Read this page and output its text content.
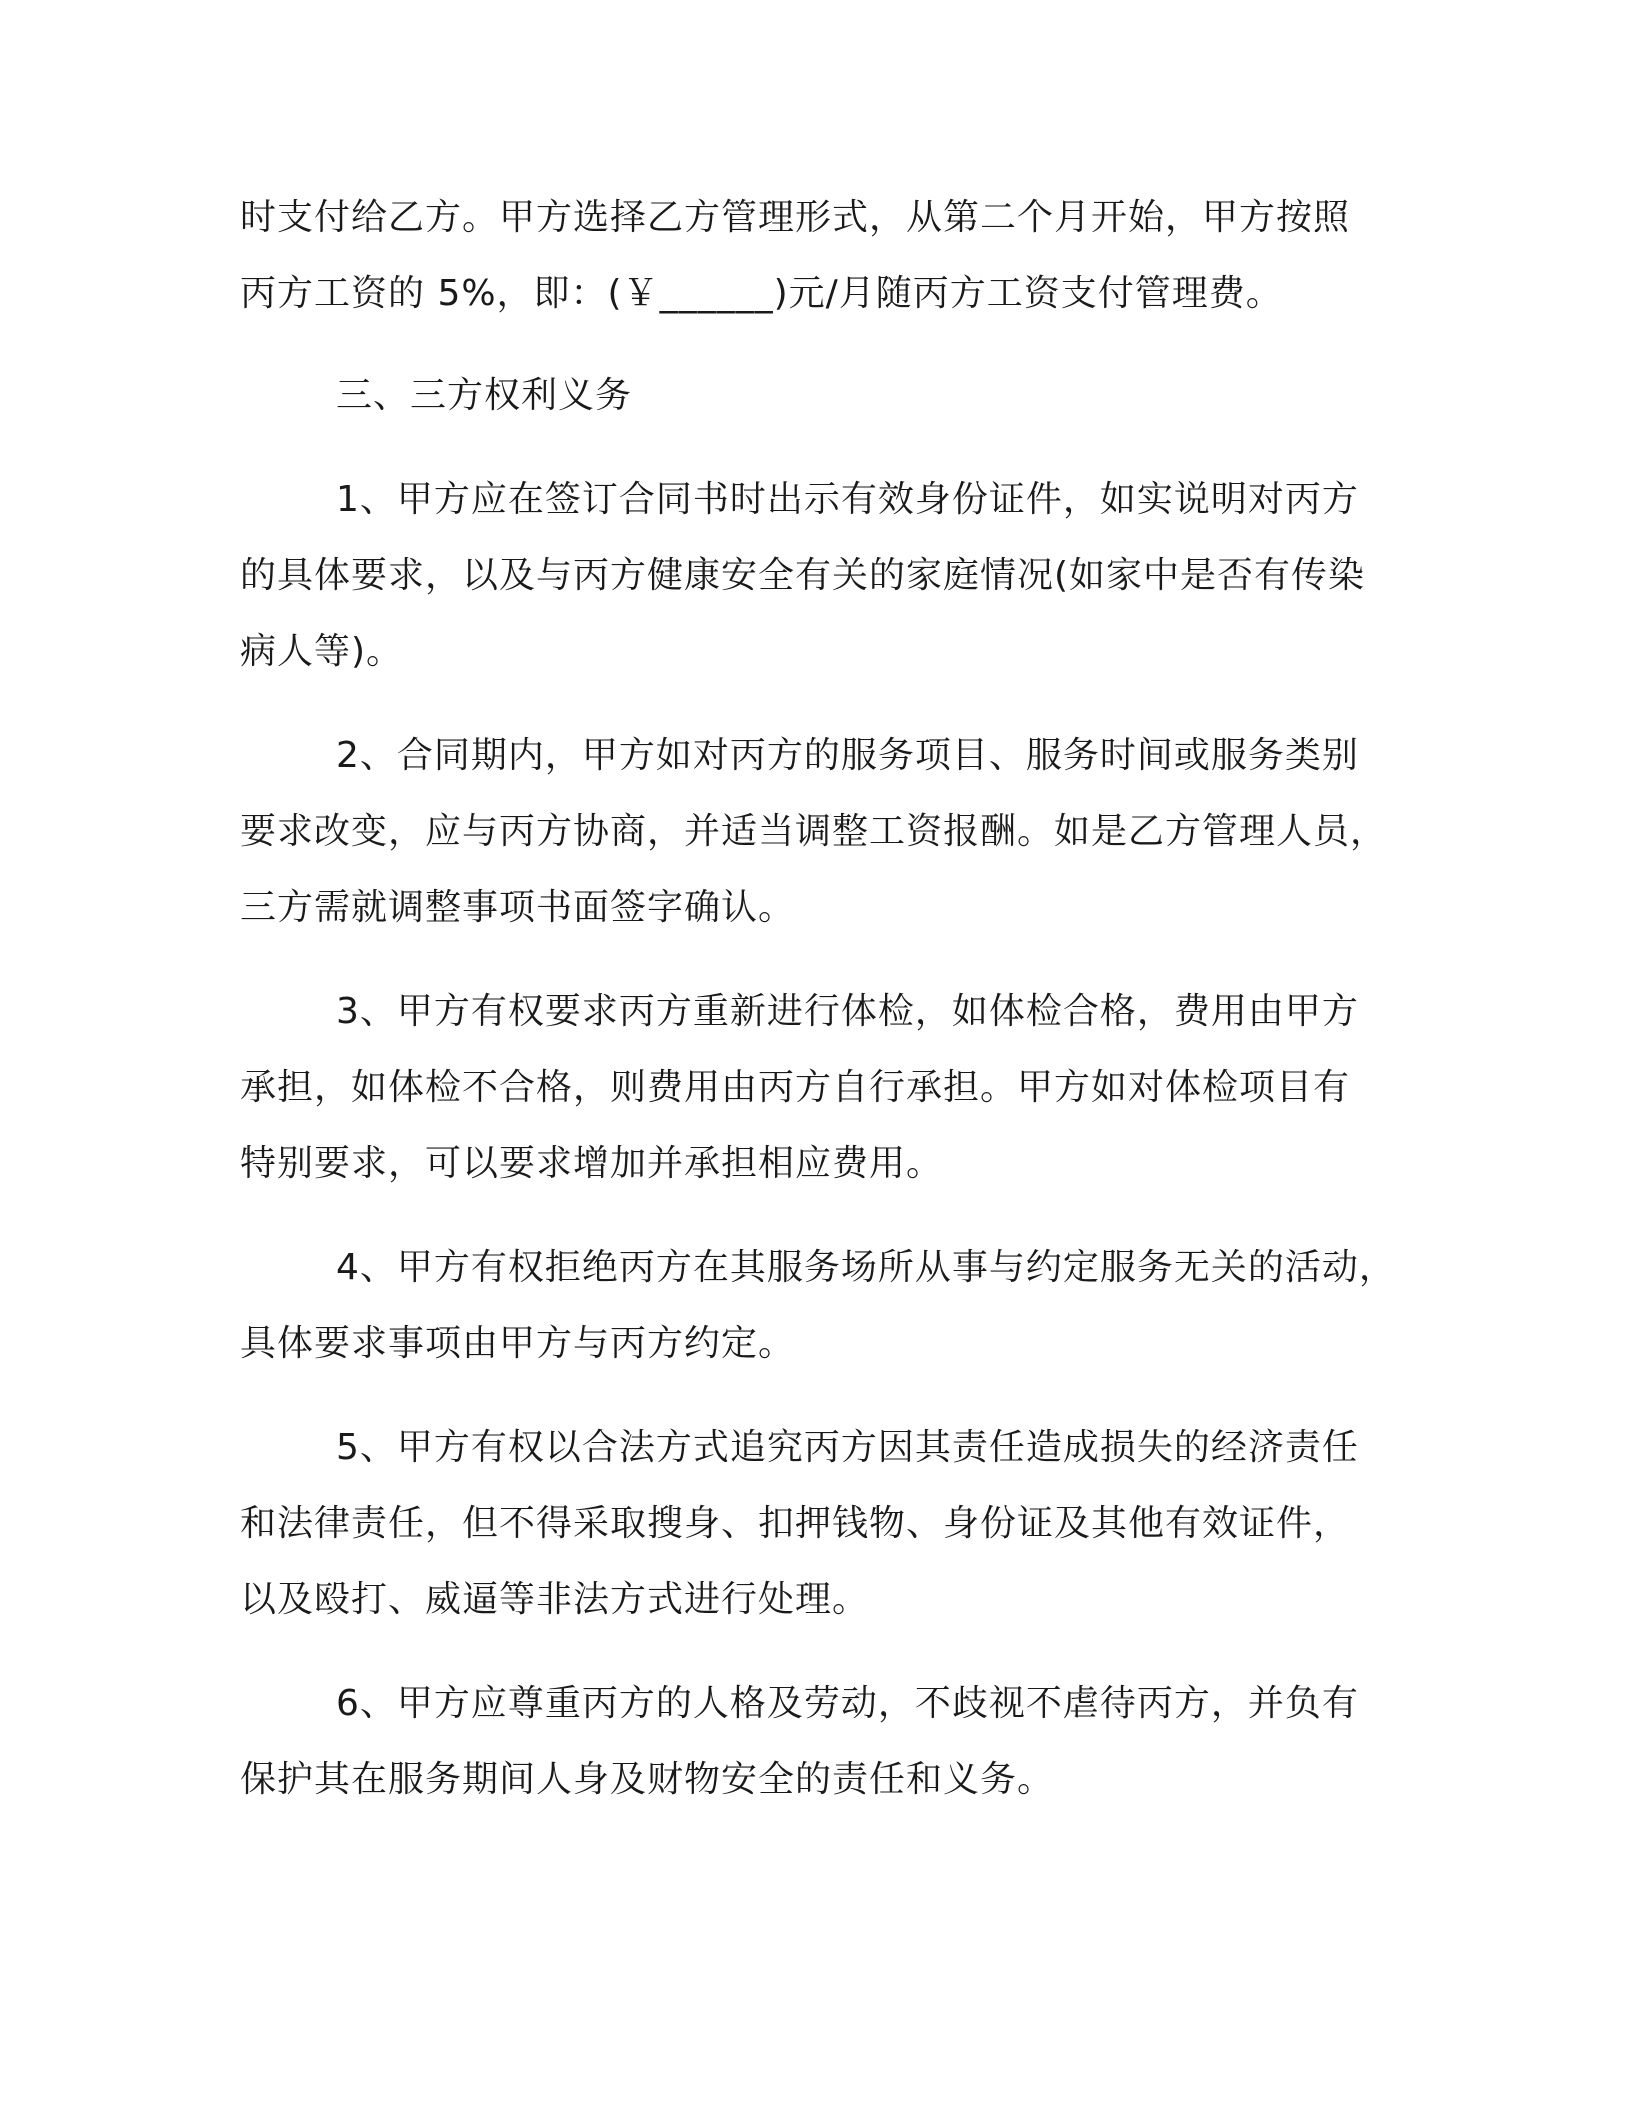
时支付给乙方。甲方选择乙方管理形式，从第二个月开始，甲方按照
丙方工资的 5%，即：(￥______)元/月随丙方工资支付管理费。
三、三方权利义务
1、甲方应在签订合同书时出示有效身份证件，如实说明对丙方
的具体要求，以及与丙方健康安全有关的家庭情况(如家中是否有传染
病人等)。
2、合同期内，甲方如对丙方的服务项目、服务时间或服务类别
要求改变，应与丙方协商，并适当调整工资报酬。如是乙方管理人员，
三方需就调整事项书面签字确认。
3、甲方有权要求丙方重新进行体检，如体检合格，费用由甲方
承担，如体检不合格，则费用由丙方自行承担。甲方如对体检项目有
特别要求，可以要求增加并承担相应费用。
4、甲方有权拒绝丙方在其服务场所从事与约定服务无关的活动，
具体要求事项由甲方与丙方约定。
5、甲方有权以合法方式追究丙方因其责任造成损失的经济责任
和法律责任，但不得采取搜身、扣押钱物、身份证及其他有效证件，
以及殴打、威逼等非法方式进行处理。
6、甲方应尊重丙方的人格及劳动，不歧视不虐待丙方，并负有
保护其在服务期间人身及财物安全的责任和义务。
